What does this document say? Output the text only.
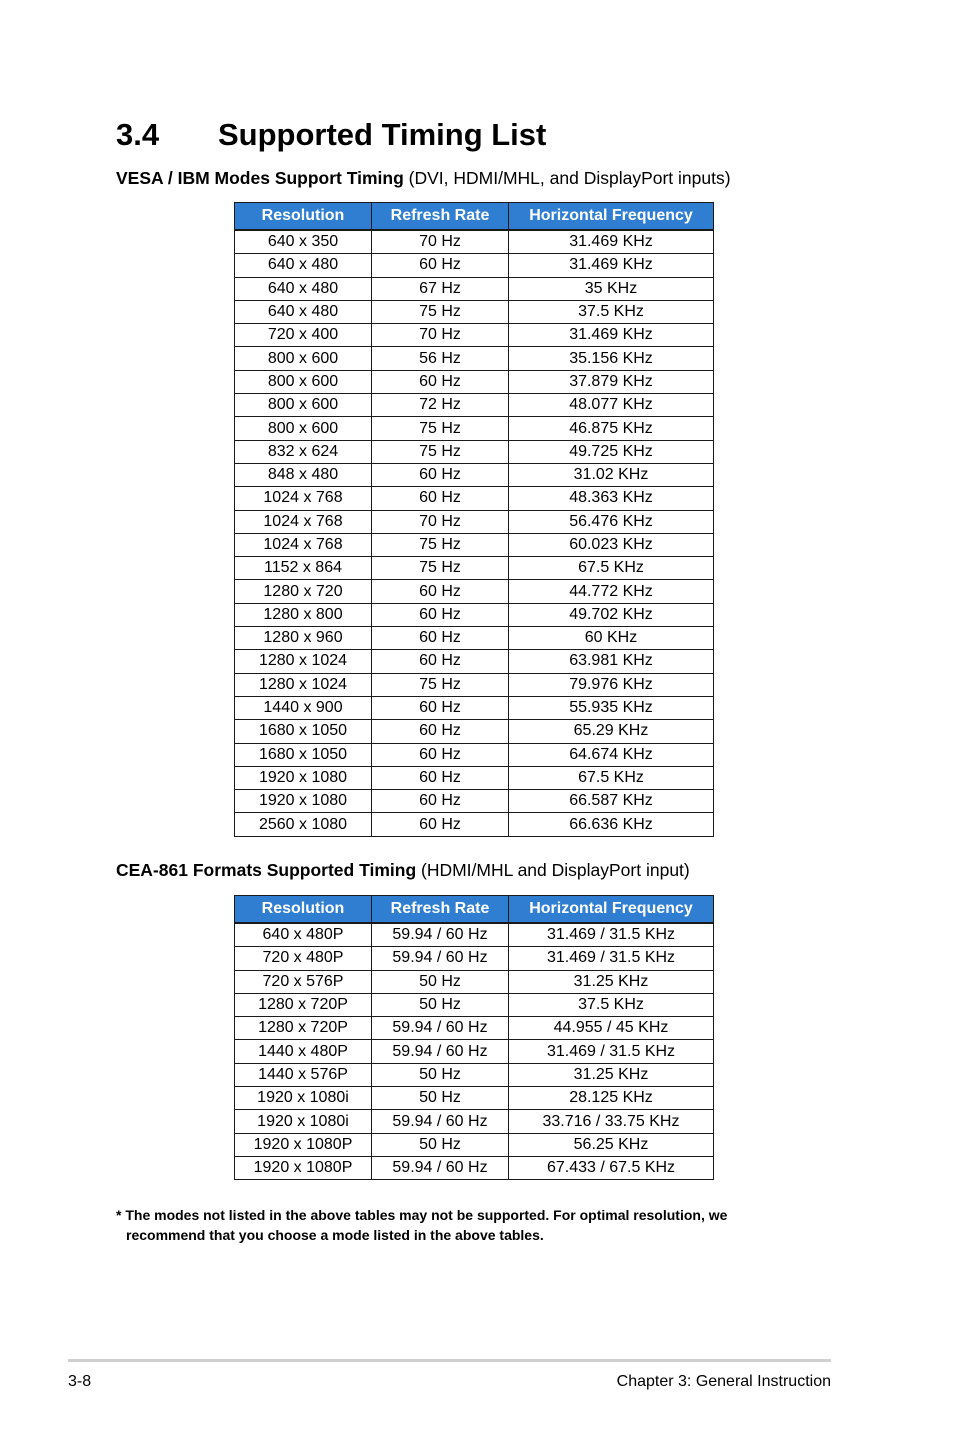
3.4	Supported Timing List
VESA / IBM Modes Support Timing (DVI, HDMI/MHL, and DisplayPort inputs)
Resolution	Refresh Rate	Horizontal Frequency
640 x 350	70 Hz	31.469 KHz
640 x 480	60 Hz	31.469 KHz
640 x 480	67 Hz	35 KHz
640 x 480	75 Hz	37.5 KHz
720 x 400	70 Hz	31.469 KHz
800 x 600	56 Hz	35.156 KHz
800 x 600	60 Hz	37.879 KHz
800 x 600	72 Hz	48.077 KHz
800 x 600	75 Hz	46.875 KHz
832 x 624	75 Hz	49.725 KHz
848 x 480	60 Hz	31.02 KHz
1024 x 768	60 Hz	48.363 KHz
1024 x 768	70 Hz	56.476 KHz
1024 x 768	75 Hz	60.023 KHz
1152 x 864	75 Hz	67.5 KHz
1280 x 720	60 Hz	44.772 KHz
1280 x 800	60 Hz	49.702 KHz
1280 x 960	60 Hz	60 KHz
1280 x 1024	60 Hz	63.981 KHz
1280 x 1024	75 Hz	79.976 KHz
1440 x 900	60 Hz	55.935 KHz
1680 x 1050	60 Hz	65.29 KHz
1680 x 1050	60 Hz	64.674 KHz
1920 x 1080	60 Hz	67.5 KHz
1920 x 1080	60 Hz	66.587 KHz
2560 x 1080	60 Hz	66.636 KHz
CEA-861 Formats Supported Timing (HDMI/MHL and DisplayPort input)
Resolution	Refresh Rate	Horizontal Frequency
640 x 480P	59.94 / 60 Hz	31.469 / 31.5 KHz
720 x 480P	59.94 / 60 Hz	31.469 / 31.5 KHz
720 x 576P	50 Hz	31.25 KHz
1280 x 720P	50 Hz	37.5 KHz
1280 x 720P	59.94 / 60 Hz	44.955 / 45 KHz
1440 x 480P	59.94 / 60 Hz	31.469 / 31.5 KHz
1440 x 576P	50 Hz	31.25 KHz
1920 x 1080i	50 Hz	28.125 KHz
1920 x 1080i	59.94 / 60 Hz	33.716 / 33.75 KHz
1920 x 1080P	50 Hz	56.25 KHz
1920 x 1080P	59.94 / 60 Hz	67.433 / 67.5 KHz
* The modes not listed in the above tables may not be supported. For optimal resolution, we
recommend that you choose a mode listed in the above tables.
3-8	Chapter 3: General Instruction
